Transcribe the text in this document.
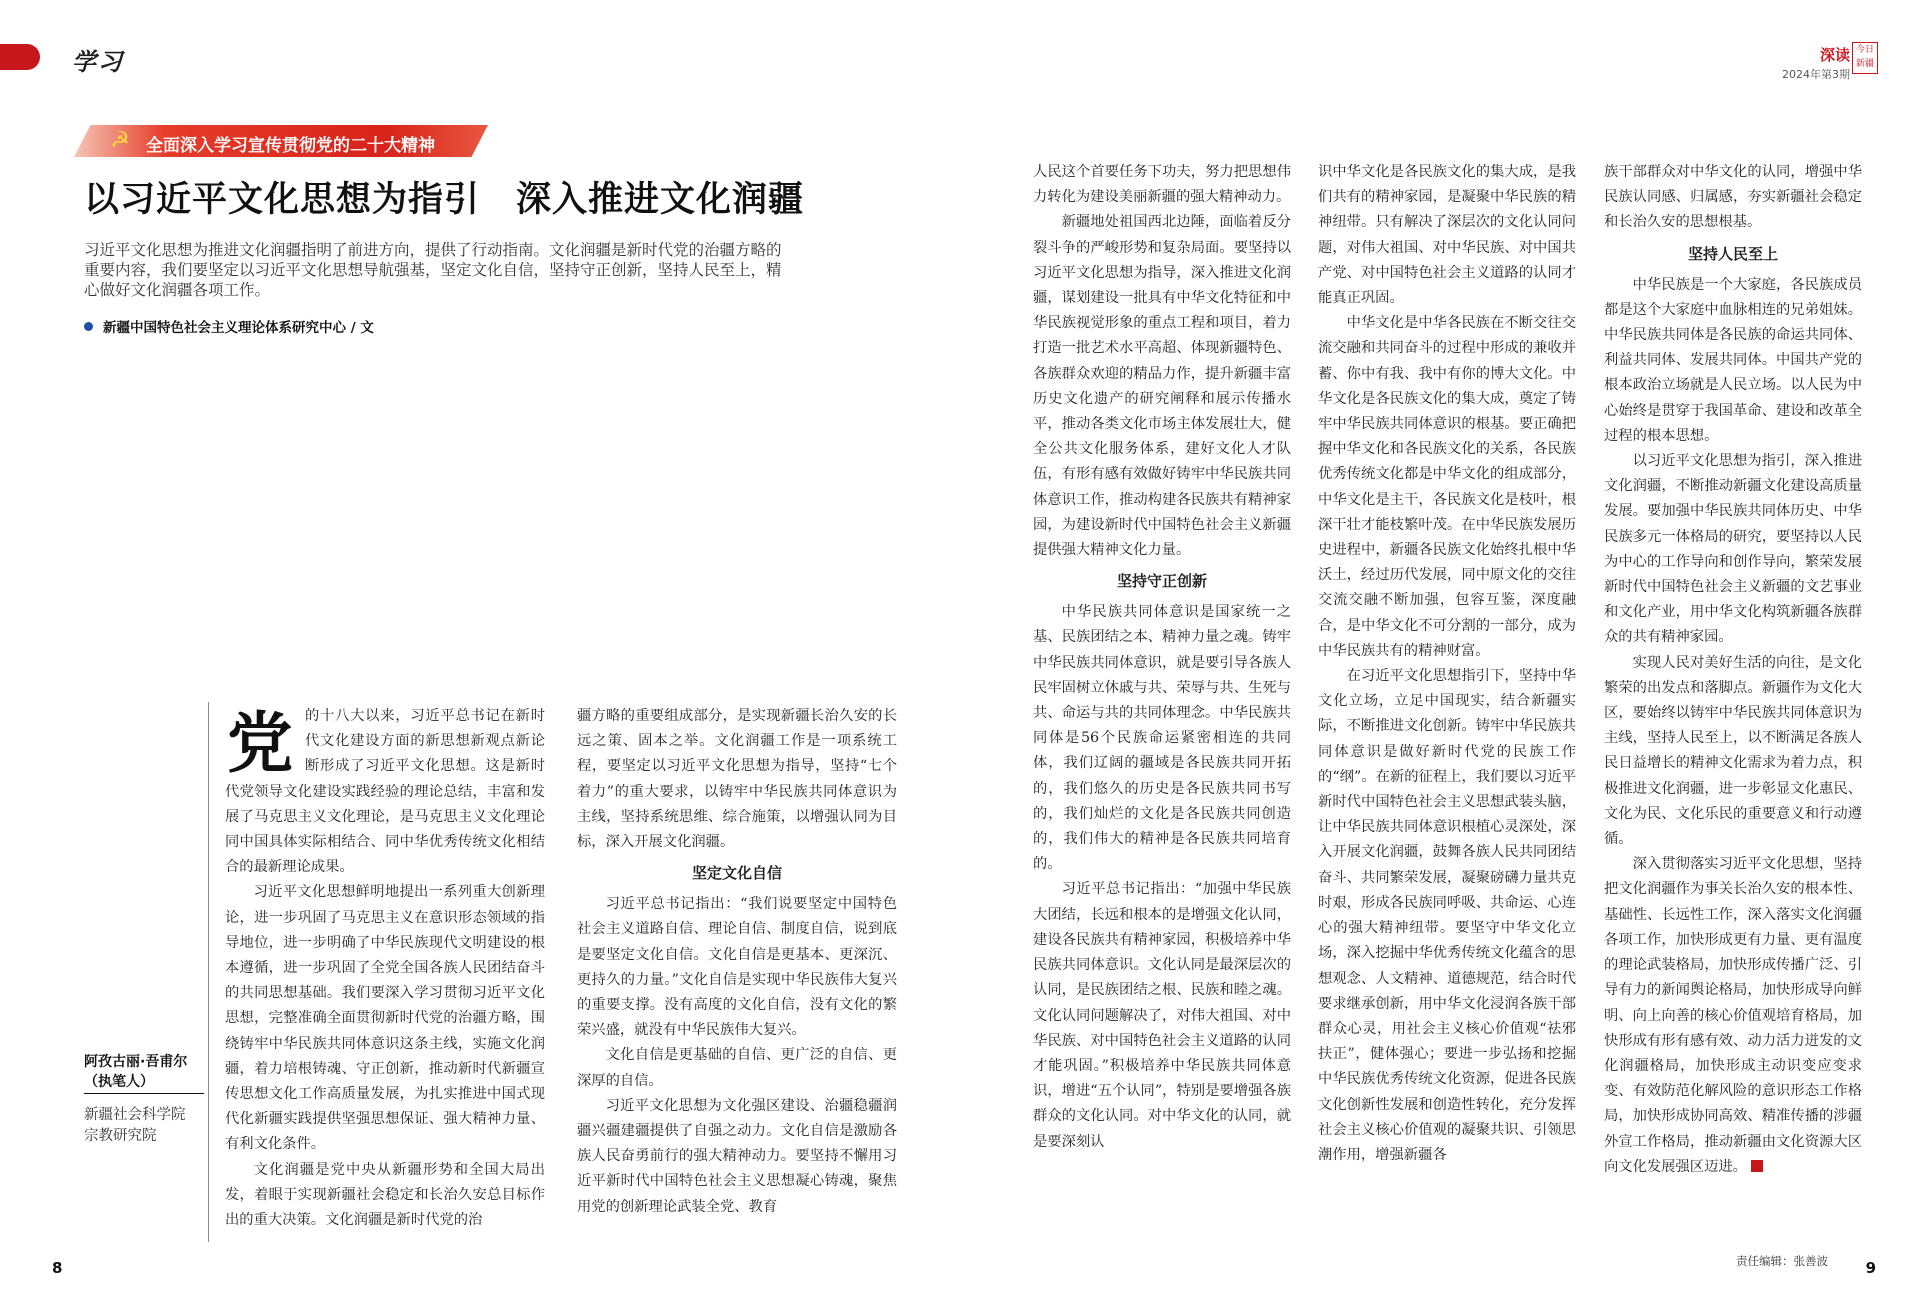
学习	深读
2024年第3期
今日新疆
☭ 全面深入学习宣传贯彻党的二十大精神
以习近平文化思想为指引　深入推进文化润疆
习近平文化思想为推进文化润疆指明了前进方向，提供了行动指南。文化润疆是新时代党的治疆方略的重要内容，我们要坚定以习近平文化思想导航强基，坚定文化自信，坚持守正创新，坚持人民至上，精心做好文化润疆各项工作。
新疆中国特色社会主义理论体系研究中心 / 文
阿孜古丽·吾甫尔（执笔人）
新疆社会科学院宗教研究院
党 的十八大以来，习近平总书记在新时代文化建设方面的新思想新观点新论断形成了习近平文化思想。这是新时代党领导文化建设实践经验的理论总结，丰富和发展了马克思主义文化理论，是马克思主义文化理论同中国具体实际相结合、同中华优秀传统文化相结合的最新理论成果。

习近平文化思想鲜明地提出一系列重大创新理论，进一步巩固了马克思主义在意识形态领域的指导地位，进一步明确了中华民族现代文明建设的根本遵循，进一步巩固了全党全国各族人民团结奋斗的共同思想基础。我们要深入学习贯彻习近平文化思想，完整准确全面贯彻新时代党的治疆方略，围绕铸牢中华民族共同体意识这条主线，实施文化润疆，着力培根铸魂、守正创新，推动新时代新疆宣传思想文化工作高质量发展，为扎实推进中国式现代化新疆实践提供坚强思想保证、强大精神力量、有利文化条件。

文化润疆是党中央从新疆形势和全国大局出发，着眼于实现新疆社会稳定和长治久安总目标作出的重大决策。文化润疆是新时代党的治

疆方略的重要组成部分，是实现新疆长治久安的长远之策、固本之举。文化润疆工作是一项系统工程，要坚定以习近平文化思想为指导，坚持“七个着力”的重大要求，以铸牢中华民族共同体意识为主线，坚持系统思维、综合施策，以增强认同为目标，深入开展文化润疆。

坚定文化自信

习近平总书记指出：“我们说要坚定中国特色社会主义道路自信、理论自信、制度自信，说到底是要坚定文化自信。文化自信是更基本、更深沉、更持久的力量。”文化自信是实现中华民族伟大复兴的重要支撑。没有高度的文化自信，没有文化的繁荣兴盛，就没有中华民族伟大复兴。

文化自信是更基础的自信、更广泛的自信、更深厚的自信。

习近平文化思想为文化强区建设、治疆稳疆润疆兴疆建疆提供了自强之动力。文化自信是激励各族人民奋勇前行的强大精神动力。要坚持不懈用习近平新时代中国特色社会主义思想凝心铸魂，聚焦用党的创新理论武装全党、教育

人民这个首要任务下功夫，努力把思想伟力转化为建设美丽新疆的强大精神动力。

新疆地处祖国西北边陲，面临着反分裂斗争的严峻形势和复杂局面。要坚持以习近平文化思想为指导，深入推进文化润疆，谋划建设一批具有中华文化特征和中华民族视觉形象的重点工程和项目，着力打造一批艺术水平高超、体现新疆特色、各族群众欢迎的精品力作，提升新疆丰富历史文化遗产的研究阐释和展示传播水平，推动各类文化市场主体发展壮大，健全公共文化服务体系，建好文化人才队伍，有形有感有效做好铸牢中华民族共同体意识工作，推动构建各民族共有精神家园，为建设新时代中国特色社会主义新疆提供强大精神文化力量。

坚持守正创新

中华民族共同体意识是国家统一之基、民族团结之本、精神力量之魂。铸牢中华民族共同体意识，就是要引导各族人民牢固树立休戚与共、荣辱与共、生死与共、命运与共的共同体理念。中华民族共同体是56个民族命运紧密相连的共同体，我们辽阔的疆域是各民族共同开拓的，我们悠久的历史是各民族共同书写的，我们灿烂的文化是各民族共同创造的，我们伟大的精神是各民族共同培育的。

习近平总书记指出：“加强中华民族大团结，长远和根本的是增强文化认同，建设各民族共有精神家园，积极培养中华民族共同体意识。文化认同是最深层次的认同，是民族团结之根、民族和睦之魂。文化认同问题解决了，对伟大祖国、对中华民族、对中国特色社会主义道路的认同才能巩固。”积极培养中华民族共同体意识，增进“五个认同”，特别是要增强各族群众的文化认同。对中华文化的认同，就是要深刻认

识中华文化是各民族文化的集大成，是我们共有的精神家园，是凝聚中华民族的精神纽带。只有解决了深层次的文化认同问题，对伟大祖国、对中华民族、对中国共产党、对中国特色社会主义道路的认同才能真正巩固。

中华文化是中华各民族在不断交往交流交融和共同奋斗的过程中形成的兼收并蓄、你中有我、我中有你的博大文化。中华文化是各民族文化的集大成，奠定了铸牢中华民族共同体意识的根基。要正确把握中华文化和各民族文化的关系，各民族优秀传统文化都是中华文化的组成部分，中华文化是主干，各民族文化是枝叶，根深干壮才能枝繁叶茂。在中华民族发展历史进程中，新疆各民族文化始终扎根中华沃土，经过历代发展，同中原文化的交往交流交融不断加强，包容互鉴，深度融合，是中华文化不可分割的一部分，成为中华民族共有的精神财富。

在习近平文化思想指引下，坚持中华文化立场，立足中国现实，结合新疆实际，不断推进文化创新。铸牢中华民族共同体意识是做好新时代党的民族工作的“纲”。在新的征程上，我们要以习近平新时代中国特色社会主义思想武装头脑，让中华民族共同体意识根植心灵深处，深入开展文化润疆，鼓舞各族人民共同团结奋斗、共同繁荣发展，凝聚磅礴力量共克时艰，形成各民族同呼吸、共命运、心连心的强大精神纽带。要坚守中华文化立场，深入挖掘中华优秀传统文化蕴含的思想观念、人文精神、道德规范，结合时代要求继承创新，用中华文化浸润各族干部群众心灵，用社会主义核心价值观“祛邪扶正”，健体强心；要进一步弘扬和挖掘中华民族优秀传统文化资源，促进各民族文化创新性发展和创造性转化，充分发挥社会主义核心价值观的凝聚共识、引领思潮作用，增强新疆各

族干部群众对中华文化的认同，增强中华民族认同感、归属感，夯实新疆社会稳定和长治久安的思想根基。

坚持人民至上

中华民族是一个大家庭，各民族成员都是这个大家庭中血脉相连的兄弟姐妹。中华民族共同体是各民族的命运共同体、利益共同体、发展共同体。中国共产党的根本政治立场就是人民立场。以人民为中心始终是贯穿于我国革命、建设和改革全过程的根本思想。

以习近平文化思想为指引，深入推进文化润疆，不断推动新疆文化建设高质量发展。要加强中华民族共同体历史、中华民族多元一体格局的研究，要坚持以人民为中心的工作导向和创作导向，繁荣发展新时代中国特色社会主义新疆的文艺事业和文化产业，用中华文化构筑新疆各族群众的共有精神家园。

实现人民对美好生活的向往，是文化繁荣的出发点和落脚点。新疆作为文化大区，要始终以铸牢中华民族共同体意识为主线，坚持人民至上，以不断满足各族人民日益增长的精神文化需求为着力点，积极推进文化润疆，进一步彰显文化惠民、文化为民、文化乐民的重要意义和行动遵循。

深入贯彻落实习近平文化思想，坚持把文化润疆作为事关长治久安的根本性、基础性、长远性工作，深入落实文化润疆各项工作，加快形成更有力量、更有温度的理论武装格局，加快形成传播广泛、引导有力的新闻舆论格局，加快形成导向鲜明、向上向善的核心价值观培育格局，加快形成有形有感有效、动力活力迸发的文化润疆格局，加快形成主动识变应变求变、有效防范化解风险的意识形态工作格局，加快形成协同高效、精准传播的涉疆外宣工作格局，推动新疆由文化资源大区向文化发展强区迈进。

8	责任编辑：张善波	9
